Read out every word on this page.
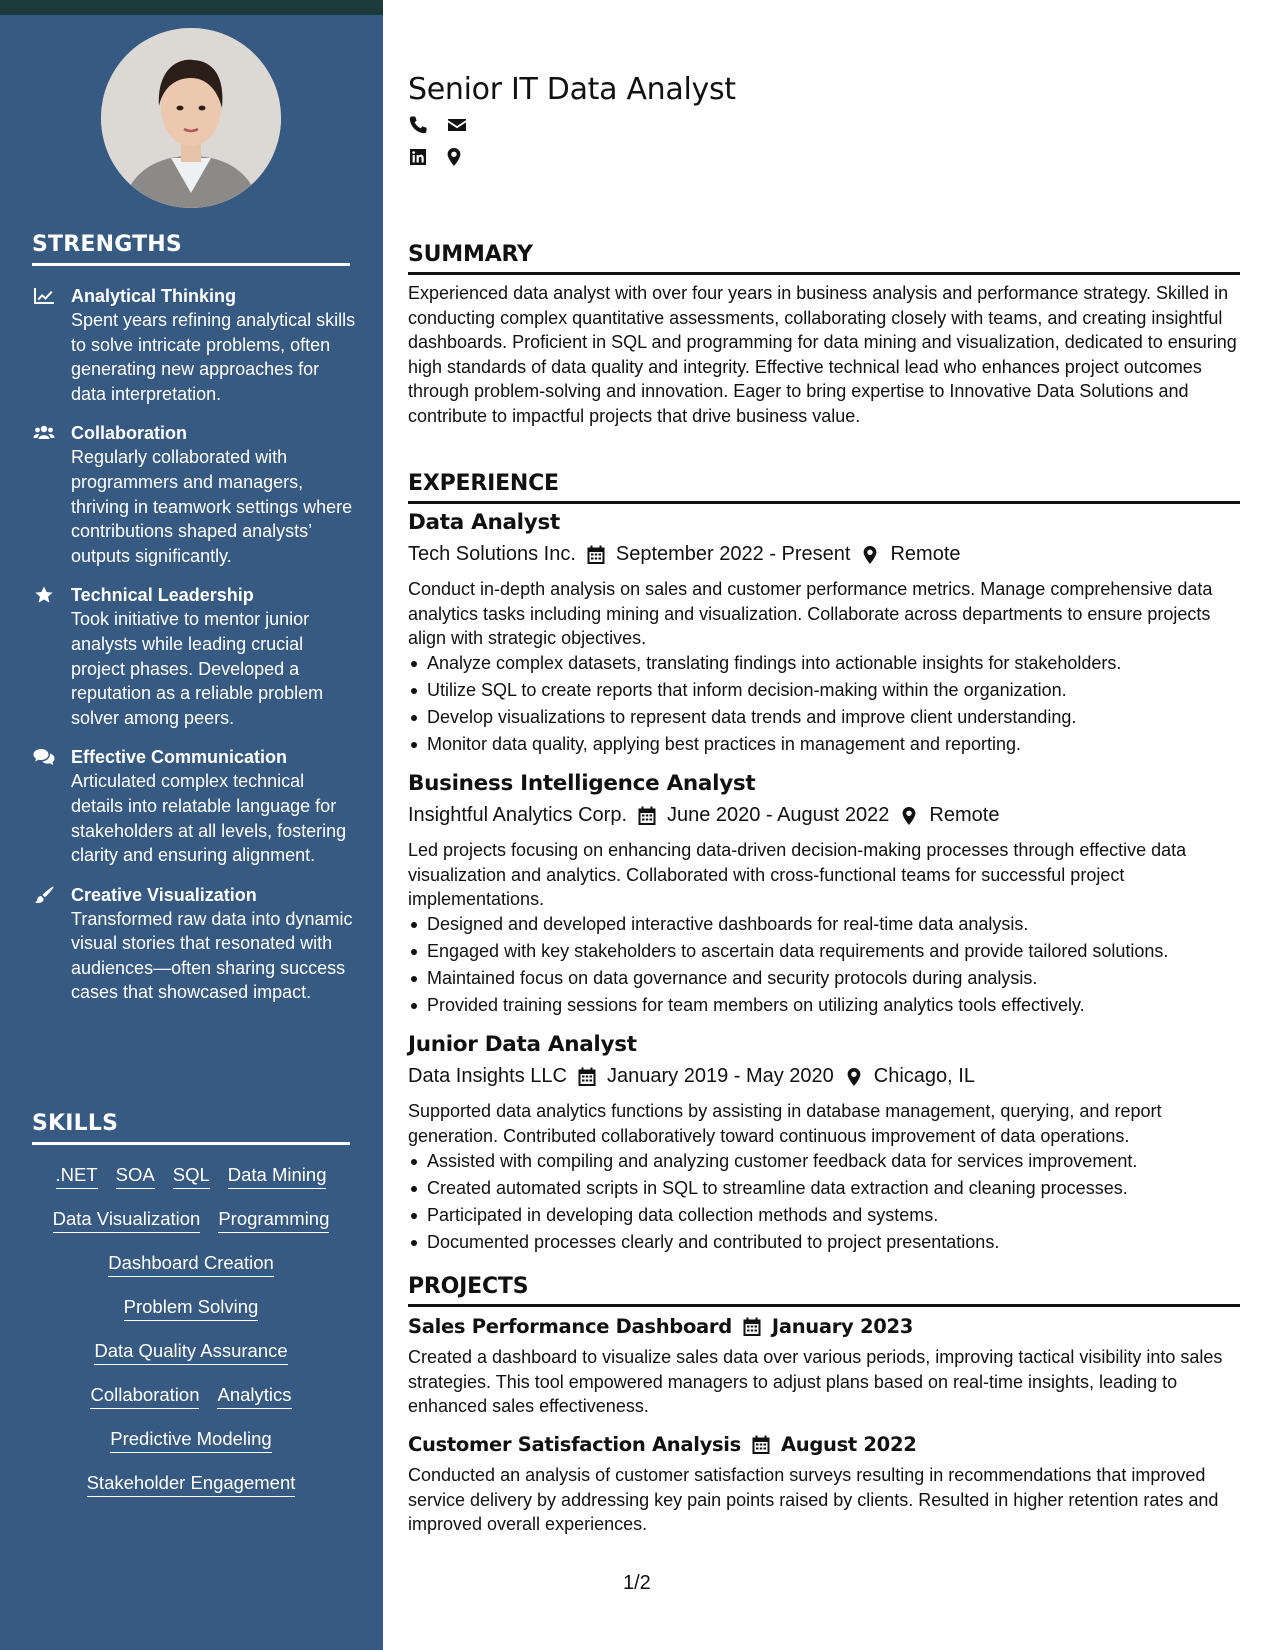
STRENGTHS
Analytical Thinking
Spent years refining analytical skills to solve intricate problems, often generating new approaches for data interpretation.
Collaboration
Regularly collaborated with programmers and managers, thriving in teamwork settings where contributions shaped analysts’ outputs significantly.
Technical Leadership
Took initiative to mentor junior analysts while leading crucial project phases. Developed a reputation as a reliable problem solver among peers.
Effective Communication
Articulated complex technical details into relatable language for stakeholders at all levels, fostering clarity and ensuring alignment.
Creative Visualization
Transformed raw data into dynamic visual stories that resonated with audiences—often sharing success cases that showcased impact.
SKILLS
.NET SOA SQL Data Mining
Data Visualization Programming
Dashboard Creation
Problem Solving
Data Quality Assurance
Collaboration Analytics
Predictive Modeling
Stakeholder Engagement
Senior IT Data Analyst
SUMMARY
Experienced data analyst with over four years in business analysis and performance strategy. Skilled in conducting complex quantitative assessments, collaborating closely with teams, and creating insightful dashboards. Proficient in SQL and programming for data mining and visualization, dedicated to ensuring high standards of data quality and integrity. Effective technical lead who enhances project outcomes through problem-solving and innovation. Eager to bring expertise to Innovative Data Solutions and contribute to impactful projects that drive business value.
EXPERIENCE
Data Analyst
Tech Solutions Inc. September 2022 - Present Remote
Conduct in-depth analysis on sales and customer performance metrics. Manage comprehensive data analytics tasks including mining and visualization. Collaborate across departments to ensure projects align with strategic objectives.
Analyze complex datasets, translating findings into actionable insights for stakeholders.
Utilize SQL to create reports that inform decision-making within the organization.
Develop visualizations to represent data trends and improve client understanding.
Monitor data quality, applying best practices in management and reporting.
Business Intelligence Analyst
Insightful Analytics Corp. June 2020 - August 2022 Remote
Led projects focusing on enhancing data-driven decision-making processes through effective data visualization and analytics. Collaborated with cross-functional teams for successful project implementations.
Designed and developed interactive dashboards for real-time data analysis.
Engaged with key stakeholders to ascertain data requirements and provide tailored solutions.
Maintained focus on data governance and security protocols during analysis.
Provided training sessions for team members on utilizing analytics tools effectively.
Junior Data Analyst
Data Insights LLC January 2019 - May 2020 Chicago, IL
Supported data analytics functions by assisting in database management, querying, and report generation. Contributed collaboratively toward continuous improvement of data operations.
Assisted with compiling and analyzing customer feedback data for services improvement.
Created automated scripts in SQL to streamline data extraction and cleaning processes.
Participated in developing data collection methods and systems.
Documented processes clearly and contributed to project presentations.
PROJECTS
Sales Performance Dashboard January 2023
Created a dashboard to visualize sales data over various periods, improving tactical visibility into sales strategies. This tool empowered managers to adjust plans based on real-time insights, leading to enhanced sales effectiveness.
Customer Satisfaction Analysis August 2022
Conducted an analysis of customer satisfaction surveys resulting in recommendations that improved service delivery by addressing key pain points raised by clients. Resulted in higher retention rates and improved overall experiences.
1/2
